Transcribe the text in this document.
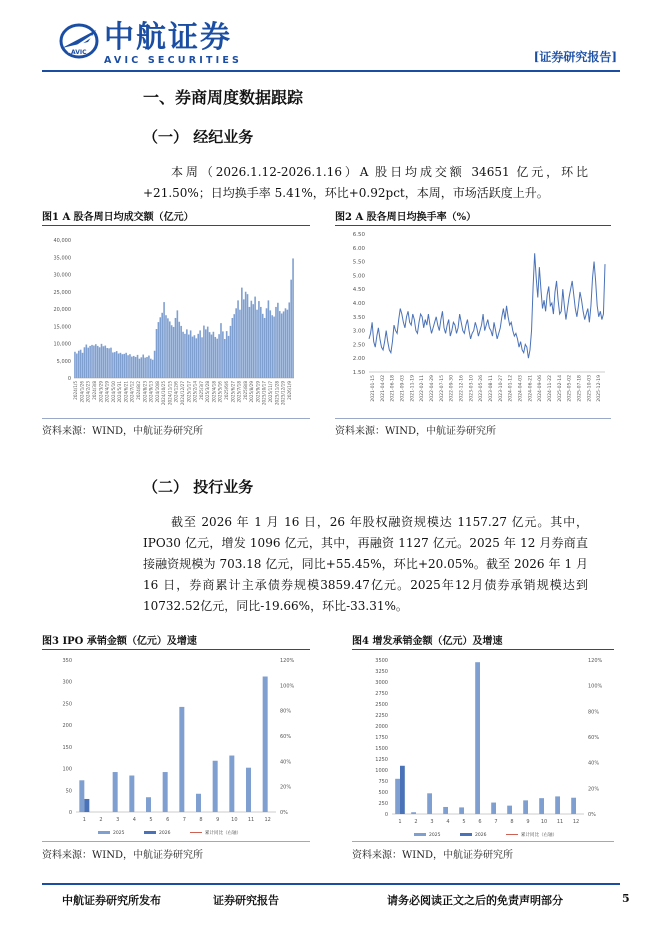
AVIC 中航证券
AVIC SECURITIES	[证券研究报告]
一、券商周度数据跟踪
（一） 经纪业务
本周（2026.1.12-2026.1.16）A 股日均成交额 34651 亿元，环比+21.50%；日均换手率 5.41%，环比+0.92pct，本周，市场活跃度上升。
图1 A 股各周日均成交额（亿元）
0
5,000
10,000
15,000
20,000
25,000
30,000
35,000
40,000
2024/1/5 2024/1/26 2024/2/23 2024/3/8 2024/3/29 2024/4/19 2024/5/10 2024/5/31 2024/6/21 2024/7/12 2024/8/2 2024/8/23 2024/9/13 2024/10/8 2024/10/25 2024/11/15 2024/12/6 2024/12/27 2025/1/17 2025/2/14 2025/3/7 2025/3/28 2025/4/18 2025/5/16 2025/6/6 2025/6/27 2025/7/18 2025/8/8 2025/8/29 2025/9/19 2025/10/17 2025/11/7 2025/11/28 2025/12/19 2026/1/9
资料来源：WIND，中航证券研究所
图2 A 股各周日均换手率（%）
1.50
2.00
2.50
3.00
3.50
4.00
4.50
5.00
5.50
6.00
6.50
2021-01-15 2021-04-02 2021-06-18 2021-09-03 2021-11-19 2022-02-11 2022-04-29 2022-07-15 2022-09-30 2022-12-16 2023-03-10 2023-05-26 2023-08-11 2023-10-27 2024-01-12 2024-04-03 2024-06-21 2024-09-06 2024-11-22 2025-02-14 2025-05-02 2025-07-18 2025-10-03 2025-12-19
资料来源：WIND，中航证券研究所
（二） 投行业务
截至 2026 年 1 月 16 日，26 年股权融资规模达 1157.27 亿元。其中，IPO30 亿元，增发 1096 亿元，其中，再融资 1127 亿元。2025 年 12 月券商直接融资规模为 703.18 亿元，同比+55.45%，环比+20.05%。截至 2026 年 1 月 16 日，券商累计主承债券规模3859.47亿元。2025年12月债券承销规模达到10732.52亿元，同比-19.66%，环比-33.31%。
图3 IPO 承销金额（亿元）及增速
0
50
100
150
200
250
300
350
0%
20%
40%
60%
80%
100%
120%
1	2	3	4	5	6	7	8	9 10 11 12
2025	2026	累计同比（右轴）
资料来源：WIND，中航证券研究所
图4 增发承销金额（亿元）及增速
0
250
500
750
1000
1250
1500
1750
2000
2250
2500
2750
3000
3250
3500
0%
20%
40%
60%
80%
100%
120%
1	2	3	4	5	6	7	8	9 10 11 12
2025	2026	累计同比（右轴）
资料来源：WIND，中航证券研究所
中航证券研究所发布	证券研究报告	请务必阅读正文之后的免责声明部分	5
